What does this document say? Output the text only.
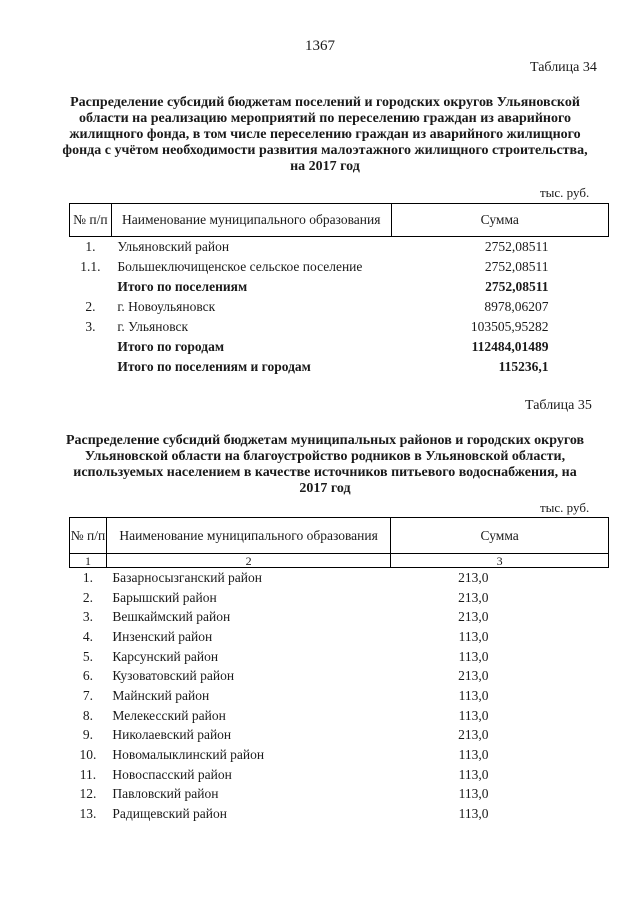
1367
Таблица 34
Распределение субсидий бюджетам поселений и городских округов Ульяновской области на реализацию мероприятий по переселению граждан из аварийного жилищного фонда, в том числе переселению граждан из аварийного жилищного фонда с учётом необходимости развития малоэтажного жилищного строительства, на 2017 год
тыс. руб.
№ п/п	Наименование муниципального образования	Сумма
1.	Ульяновский район	2752,08511
1.1.	Большеключищенское сельское поселение	2752,08511
	Итого по поселениям	2752,08511
2.	г. Новоульяновск	8978,06207
3.	г. Ульяновск	103505,95282
	Итого по городам	112484,01489
	Итого по поселениям и городам	115236,1
Таблица 35
Распределение субсидий бюджетам муниципальных районов и городских округов Ульяновской области на благоустройство родников в Ульяновской области, используемых населением в качестве источников питьевого водоснабжения, на 2017 год
тыс. руб.
№ п/п	Наименование муниципального образования	Сумма
1	2	3
1.	Базарносызганский район	213,0
2.	Барышский район	213,0
3.	Вешкаймский район	213,0
4.	Инзенский район	113,0
5.	Карсунский район	113,0
6.	Кузоватовский район	213,0
7.	Майнский район	113,0
8.	Мелекесский район	113,0
9.	Николаевский район	213,0
10.	Новомалыклинский район	113,0
11.	Новоспасский район	113,0
12.	Павловский район	113,0
13.	Радищевский район	113,0
